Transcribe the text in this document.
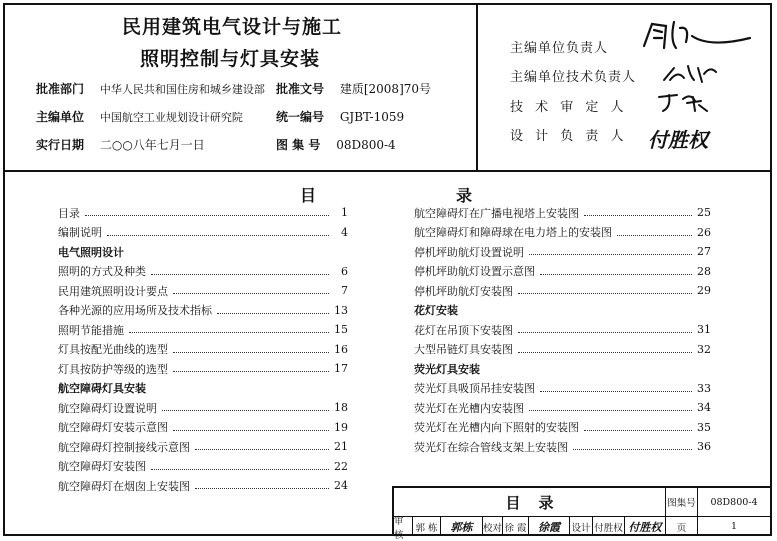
民用建筑电气设计与施工
照明控制与灯具安装
批准部门 中华人民共和国住房和城乡建设部 批准文号 建质[2008]70号
主编单位 中国航空工业规划设计研究院	统一编号 GJBT-1059
实行日期 二○○八年七月一日	图 集 号 08D800-4
主编单位负责人
主编单位技术负责人
技 术 审 定 人
设 计 负 责 人 付胜权
目	录
目录	1
编制说明	4
电气照明设计
照明的方式及种类	6
民用建筑照明设计要点	7
各种光源的应用场所及技术指标	13
照明节能措施	15
灯具按配光曲线的选型	16
灯具按防护等级的选型	17
航空障碍灯具安装
航空障碍灯设置说明	18
航空障碍灯安装示意图	19
航空障碍灯控制接线示意图	21
航空障碍灯安装图	22
航空障碍灯在烟囱上安装图	24
航空障碍灯在广播电视塔上安装图	25
航空障碍灯和障碍球在电力塔上的安装图	26
停机坪助航灯设置说明	27
停机坪助航灯设置示意图	28
停机坪助航灯安装图	29
花灯安装
花灯在吊顶下安装图	31
大型吊链灯具安装图	32
荧光灯具安装
荧光灯具吸顶吊挂安装图	33
荧光灯在光槽内安装图	34
荧光灯在光槽内向下照射的安装图	35
荧光灯在综合管线支架上安装图	36
目录	图集号	08D800-4
审核
郭 栋	郭栋	校对 徐 霞	徐霞	设计 付胜权 付胜权	页	1
